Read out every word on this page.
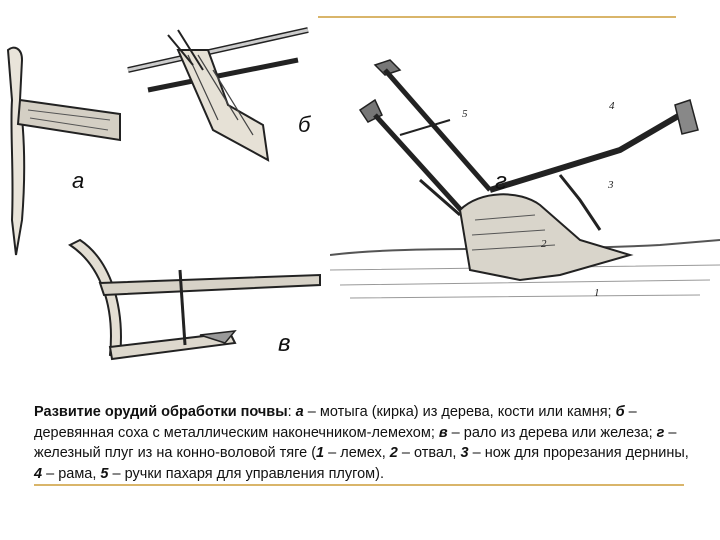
а
б
в
г
1
2
3
4
5
Развитие орудий обработки почвы: а – мотыга (кирка) из дерева, кости или камня; б – деревянная соха с металлическим наконечником-лемехом; в – рало из дерева или железа; г – железный плуг из на конно-воловой тяге (1 – лемех, 2 – отвал, 3 – нож для прорезания дернины, 4 – рама, 5 – ручки пахаря для управления плугом).
